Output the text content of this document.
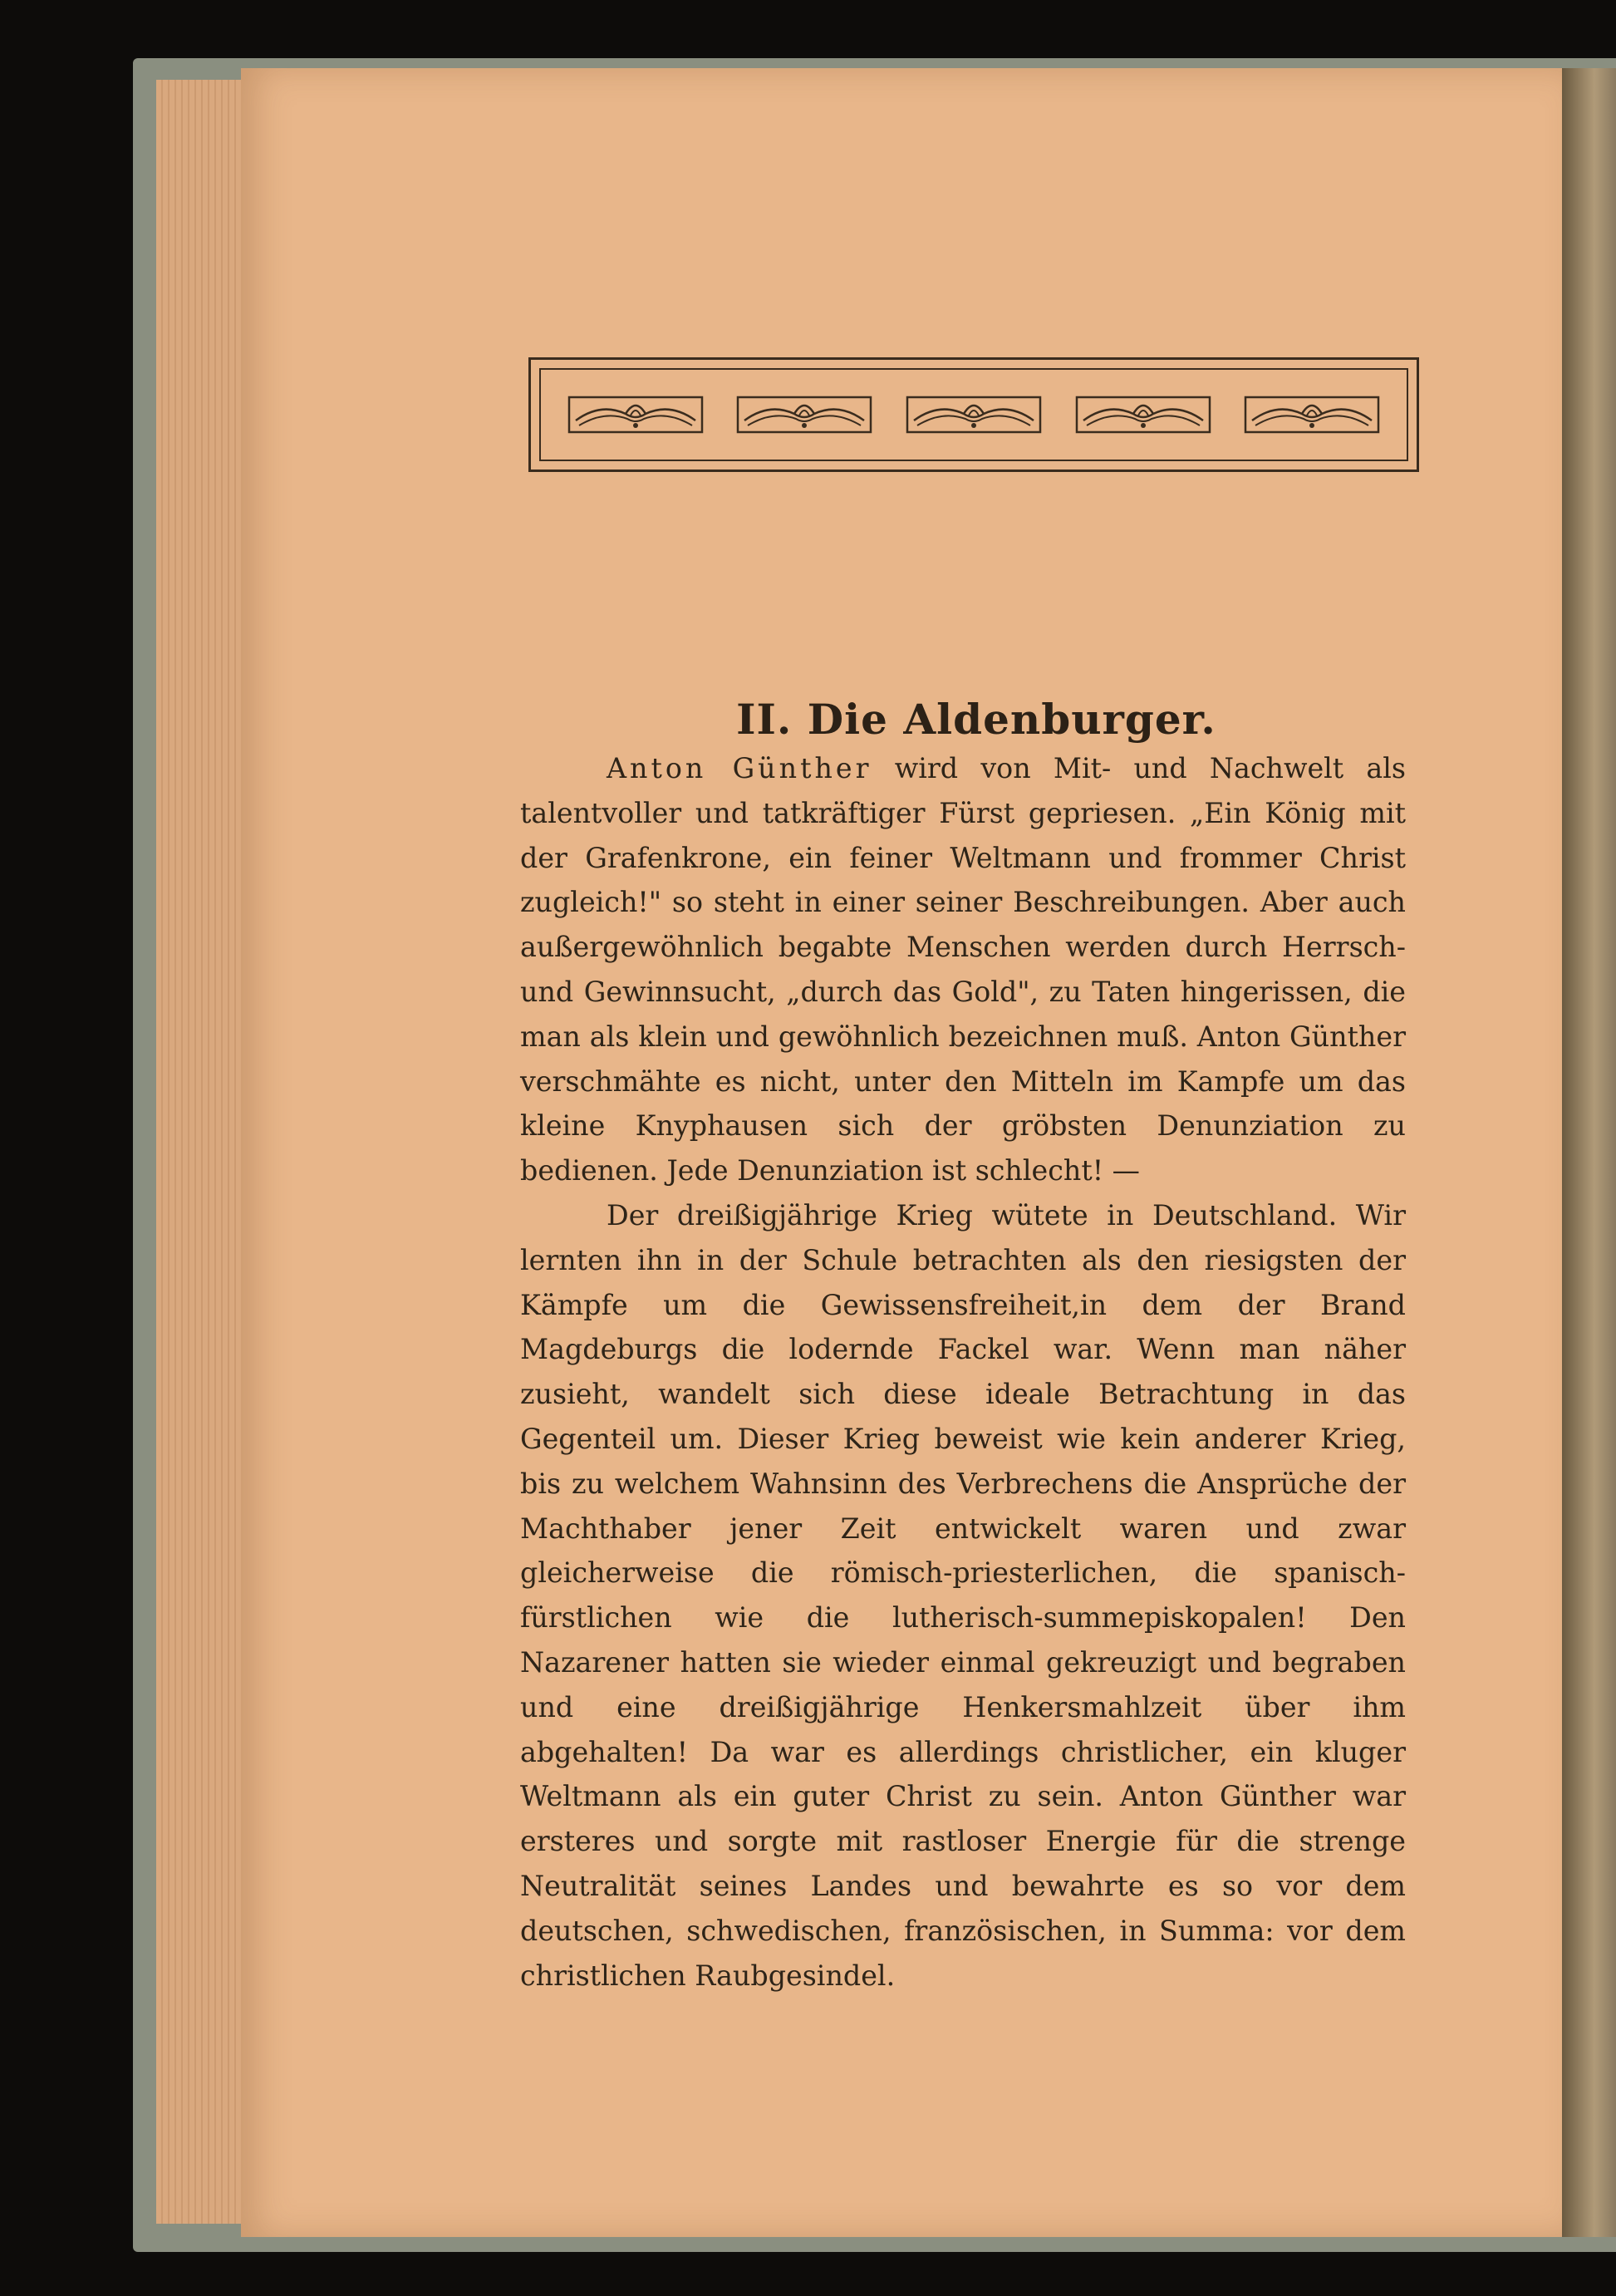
II. Die Aldenburger.

Anton Günther wird von Mit- und Nachwelt als talentvoller und tatkräftiger Fürst gepriesen. „Ein König mit der Grafenkrone, ein feiner Weltmann und frommer Christ zugleich!" so steht in einer seiner Beschreibungen. Aber auch außergewöhnlich begabte Menschen werden durch Herrsch- und Gewinnsucht, „durch das Gold", zu Taten hingerissen, die man als klein und gewöhnlich bezeichnen muß. Anton Günther verschmähte es nicht, unter den Mitteln im Kampfe um das kleine Knyphausen sich der gröbsten Denunziation zu bedienen. Jede Denunziation ist schlecht! —

Der dreißigjährige Krieg wütete in Deutschland. Wir lernten ihn in der Schule betrachten als den riesigsten der Kämpfe um die Gewissensfreiheit,in dem der Brand Magdeburgs die lodernde Fackel war. Wenn man näher zusieht, wandelt sich diese ideale Betrachtung in das Gegenteil um. Dieser Krieg beweist wie kein anderer Krieg, bis zu welchem Wahnsinn des Verbrechens die Ansprüche der Machthaber jener Zeit entwickelt waren und zwar gleicherweise die römisch-priesterlichen, die spanisch-fürstlichen wie die lutherisch-summepiskopalen! Den Nazarener hatten sie wieder einmal gekreuzigt und begraben und eine dreißigjährige Henkersmahlzeit über ihm abgehalten! Da war es allerdings christlicher, ein kluger Weltmann als ein guter Christ zu sein. Anton Günther war ersteres und sorgte mit rastloser Energie für die strenge Neutralität seines Landes und bewahrte es so vor dem deutschen, schwedischen, französischen, in Summa: vor dem christlichen Raubgesindel.
